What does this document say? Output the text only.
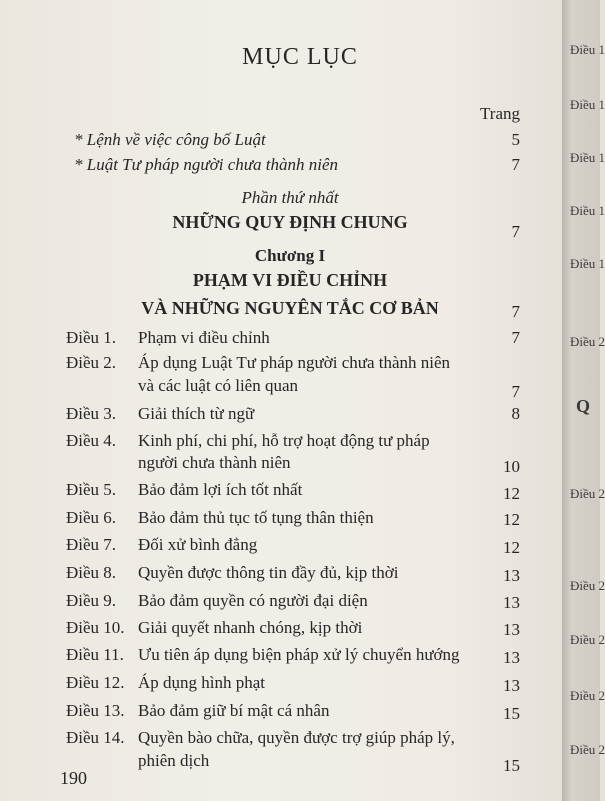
Điều 1
Điều 1
Điều 1
Điều 1
Điều 1
Điều 2
Q
Điều 2
Điều 2
Điều 2
Điều 2
Điều 2
MỤC LỤC
Trang
* Lệnh về việc công bố Luật	5
* Luật Tư pháp người chưa thành niên	7
Phần thứ nhất
NHỮNG QUY ĐỊNH CHUNG	7
Chương I
PHẠM VI ĐIỀU CHỈNH
VÀ NHỮNG NGUYÊN TẮC CƠ BẢN	7
Điều 1. Phạm vi điều chỉnh	7
Điều 2. Áp dụng Luật Tư pháp người chưa thành niên
và các luật có liên quan	7
Điều 3. Giải thích từ ngữ	8
Điều 4. Kinh phí, chi phí, hỗ trợ hoạt động tư pháp
người chưa thành niên	10
Điều 5. Bảo đảm lợi ích tốt nhất	12
Điều 6. Bảo đảm thủ tục tố tụng thân thiện	12
Điều 7. Đối xử bình đẳng	12
Điều 8. Quyền được thông tin đầy đủ, kịp thời	13
Điều 9. Bảo đảm quyền có người đại diện	13
Điều 10. Giải quyết nhanh chóng, kịp thời	13
Điều 11. Ưu tiên áp dụng biện pháp xử lý chuyển hướng	13
Điều 12. Áp dụng hình phạt	13
Điều 13. Bảo đảm giữ bí mật cá nhân	15
Điều 14. Quyền bào chữa, quyền được trợ giúp pháp lý,
phiên dịch	15
190
